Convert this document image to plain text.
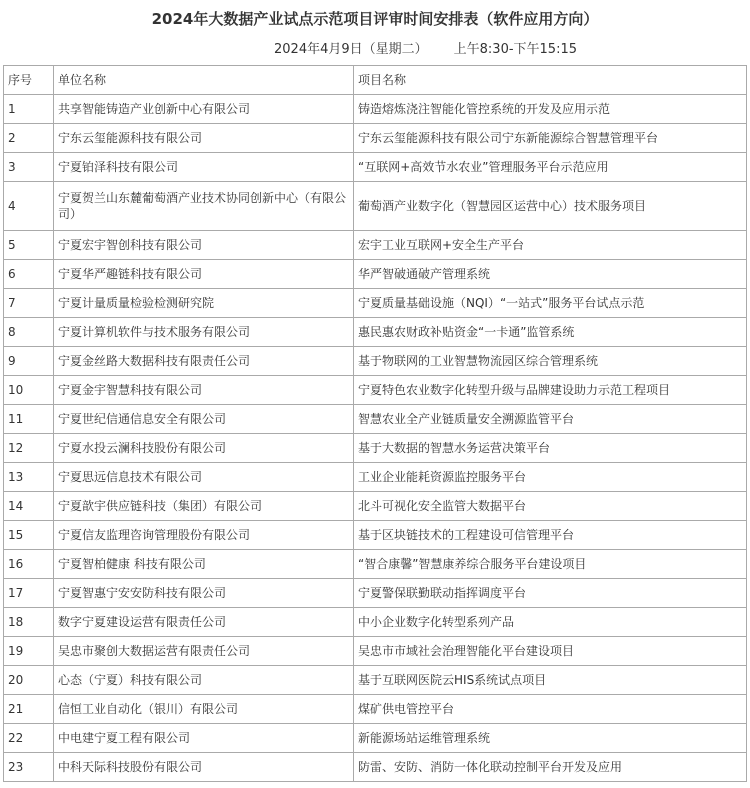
2024年大数据产业试点示范项目评审时间安排表（软件应用方向）
2024年4月9日（星期二） 上午8:30-下午15:15
序号	单位名称	项目名称
1	共享智能铸造产业创新中心有限公司	铸造熔炼浇注智能化管控系统的开发及应用示范
2	宁东云玺能源科技有限公司	宁东云玺能源科技有限公司宁东新能源综合智慧管理平台
3	宁夏铂泽科技有限公司	“互联网+高效节水农业”管理服务平台示范应用
4	宁夏贺兰山东麓葡萄酒产业技术协同创新中心（有限公司）	葡萄酒产业数字化（智慧园区运营中心）技术服务项目
5	宁夏宏宇智创科技有限公司	宏宇工业互联网+安全生产平台
6	宁夏华严趣链科技有限公司	华严智破通破产管理系统
7	宁夏计量质量检验检测研究院	宁夏质量基础设施（NQI）“一站式”服务平台试点示范
8	宁夏计算机软件与技术服务有限公司	惠民惠农财政补贴资金“一卡通”监管系统
9	宁夏金丝路大数据科技有限责任公司	基于物联网的工业智慧物流园区综合管理系统
10	宁夏金宇智慧科技有限公司	宁夏特色农业数字化转型升级与品牌建设助力示范工程项目
11	宁夏世纪信通信息安全有限公司	智慧农业全产业链质量安全溯源监管平台
12	宁夏水投云澜科技股份有限公司	基于大数据的智慧水务运营决策平台
13	宁夏思远信息技术有限公司	工业企业能耗资源监控服务平台
14	宁夏歆宇供应链科技（集团）有限公司	北斗可视化安全监管大数据平台
15	宁夏信友监理咨询管理股份有限公司	基于区块链技术的工程建设可信管理平台
16	宁夏智柏健康 科技有限公司	“智合康馨”智慧康养综合服务平台建设项目
17	宁夏智惠宁安安防科技有限公司	宁夏警保联勤联动指挥调度平台
18	数字宁夏建设运营有限责任公司	中小企业数字化转型系列产品
19	吴忠市聚创大数据运营有限责任公司	吴忠市市域社会治理智能化平台建设项目
20	心态（宁夏）科技有限公司	基于互联网医院云HIS系统试点项目
21	信恒工业自动化（银川）有限公司	煤矿供电管控平台
22	中电建宁夏工程有限公司	新能源场站运维管理系统
23	中科天际科技股份有限公司	防雷、安防、消防一体化联动控制平台开发及应用
